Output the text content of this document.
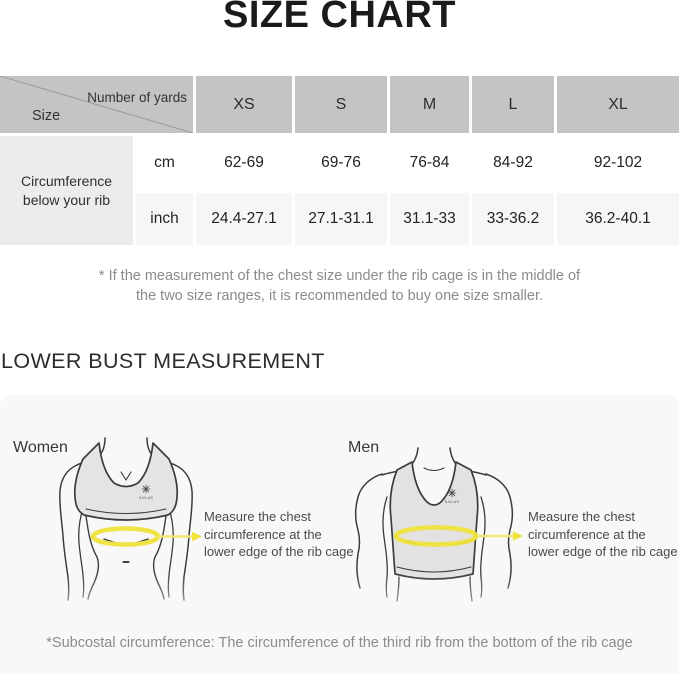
SIZE CHART
Number of yards
Size
XS	S	M	L	XL
Circumference below your rib
cm	62-69	69-76	76-84	84-92	92-102
inch	24.4-27.1	27.1-31.1	31.1-33	33-36.2	36.2-40.1
* If the measurement of the chest size under the rib cage is in the middle of
the two size ranges, it is recommended to buy one size smaller.
LOWER BUST MEASUREMENT
KAILAS
KAILAS
Women	Men
Measure the chest
circumference at the
lower edge of the rib cage
Measure the chest
circumference at the
lower edge of the rib cage
*Subcostal circumference: The circumference of the third rib from the bottom of the rib cage
